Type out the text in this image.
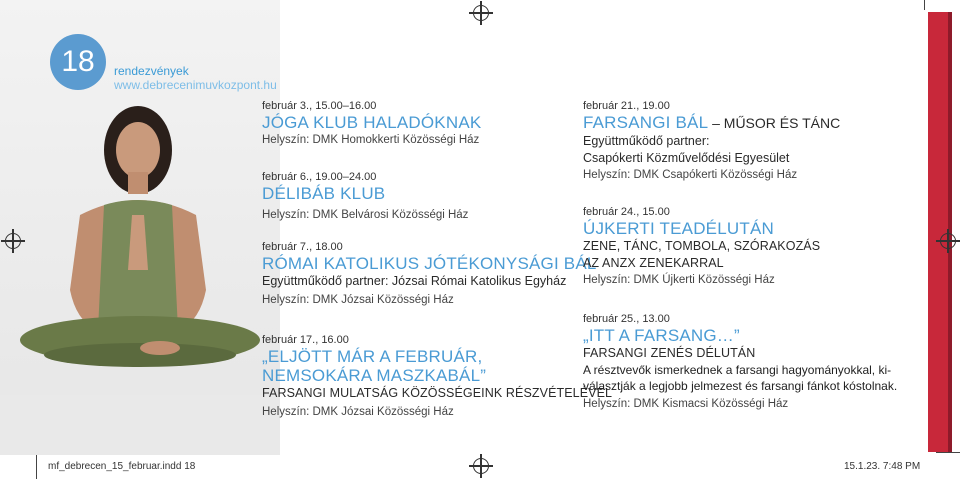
18 rendezvények
www.debrecenimuvkozpont.hu
február 3., 15.00–16.00
JÓGA KLUB HALADÓKNAK
Helyszín: DMK Homokkerti Közösségi Ház
február 6., 19.00–24.00
DÉLIBÁB KLUB
Helyszín: DMK Belvárosi Közösségi Ház
február 7., 18.00
RÓMAI KATOLIKUS JÓTÉKONYSÁGI BÁL
Együttműködő partner: Józsai Római Katolikus Egyház
Helyszín: DMK Józsai Közösségi Ház
február 17., 16.00
„ELJÖTT MÁR A FEBRUÁR,
NEMSOKÁRA MASZKABÁL”
FARSANGI MULATSÁG KÖZÖSSÉGEINK RÉSZVÉTELÉVEL
Helyszín: DMK Józsai Közösségi Ház
február 21., 19.00
FARSANGI BÁL – MŰSOR ÉS TÁNC
Együttműködő partner:
Csapókerti Közművelődési Egyesület
Helyszín: DMK Csapókerti Közösségi Ház
február 24., 15.00
ÚJKERTI TEADÉLUTÁN
ZENE, TÁNC, TOMBOLA, SZÓRAKOZÁS
AZ ANZX ZENEKARRAL
Helyszín: DMK Újkerti Közösségi Ház
február 25., 13.00
„ITT A FARSANG…”
FARSANGI ZENÉS DÉLUTÁN
A résztvevők ismerkednek a farsangi hagyományokkal, ki-
választják a legjobb jelmezest és farsangi fánkot kóstolnak.
Helyszín: DMK Kismacsi Közösségi Ház
mf_debrecen_15_februar.indd 18	15.1.23. 7:48 PM
